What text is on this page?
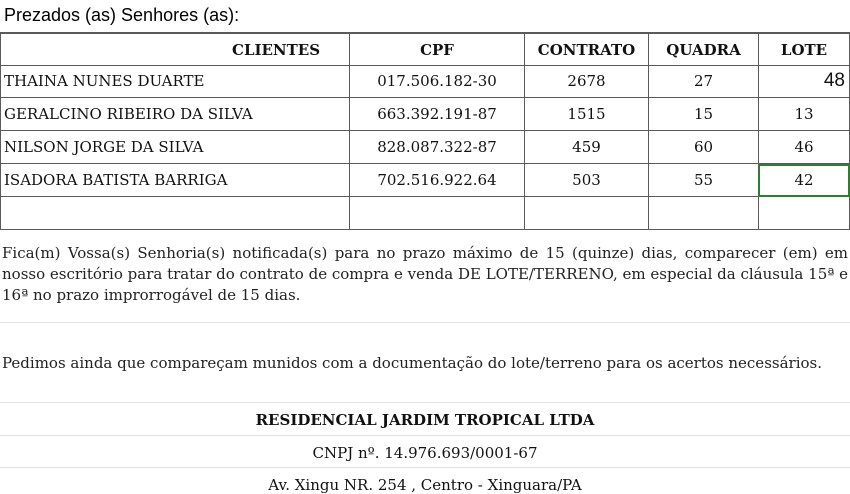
Prezados (as) Senhores (as):
CLIENTES	CPF	CONTRATO	QUADRA	LOTE
THAINA NUNES DUARTE	017.506.182-30	2678	27	48
GERALCINO RIBEIRO DA SILVA	663.392.191-87	1515	15	13
NILSON JORGE DA SILVA	828.087.322-87	459	60	46
ISADORA BATISTA BARRIGA	702.516.922.64	503	55	42
Fica(m) Vossa(s) Senhoria(s) notificada(s) para no prazo máximo de 15 (quinze) dias, comparecer (em) em nosso escritório para tratar do contrato de compra e venda DE LOTE/TERRENO, em especial da cláusula 15ª e 16ª no prazo improrrogável de 15 dias.
Pedimos ainda que compareçam munidos com a documentação do lote/terreno para os acertos necessários.
RESIDENCIAL JARDIM TROPICAL LTDA
CNPJ nº. 14.976.693/0001-67
Av. Xingu NR. 254 , Centro - Xinguara/PA
